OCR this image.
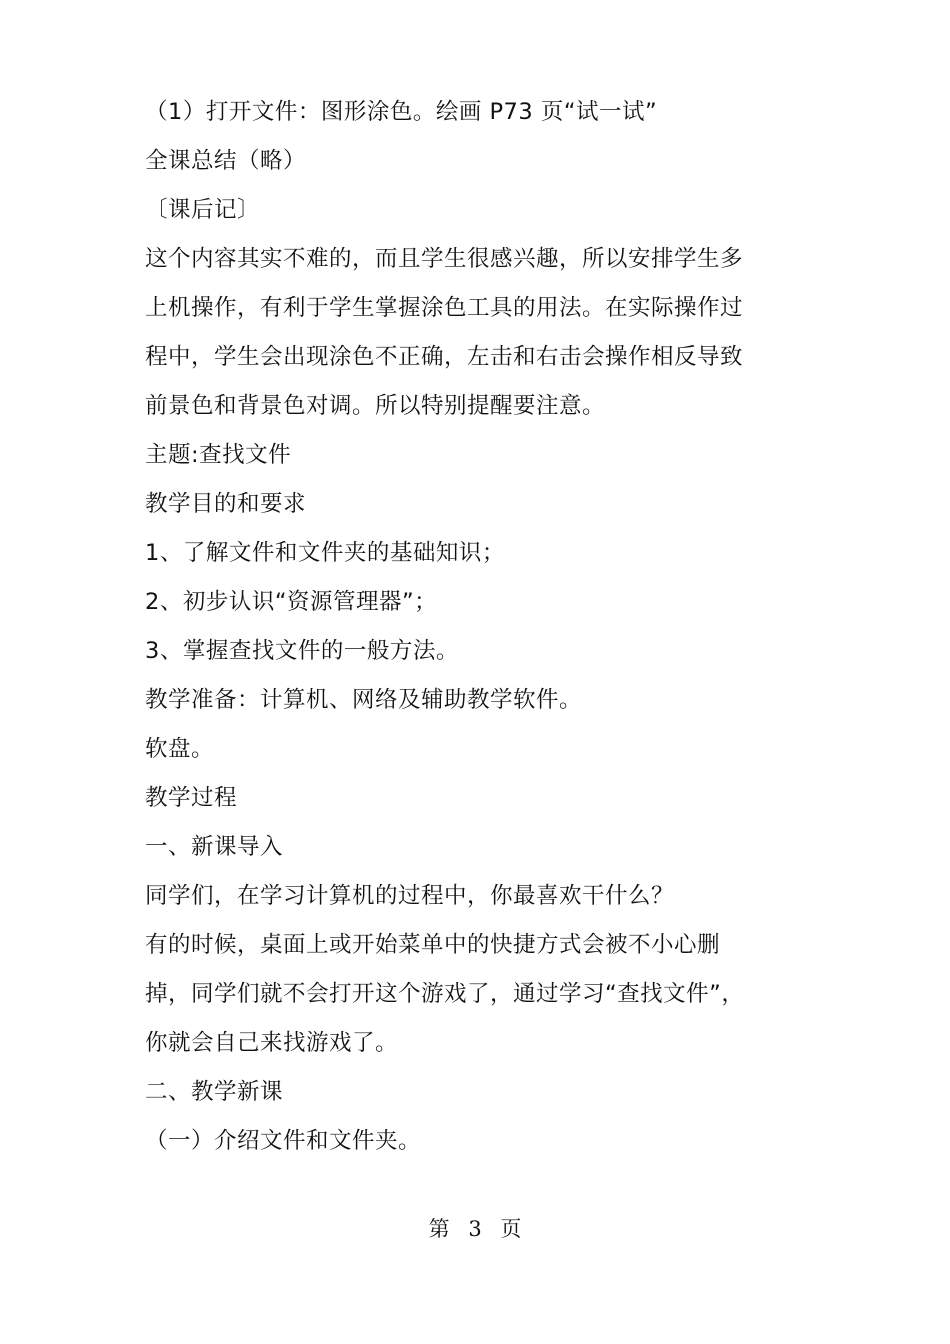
（1）打开文件：图形涂色。绘画 P73 页“试一试”
全课总结（略）
〔课后记〕
这个内容其实不难的，而且学生很感兴趣，所以安排学生多
上机操作，有利于学生掌握涂色工具的用法。在实际操作过
程中，学生会出现涂色不正确，左击和右击会操作相反导致
前景色和背景色对调。所以特别提醒要注意。
主题:查找文件
教学目的和要求
1、了解文件和文件夹的基础知识；
2、初步认识“资源管理器”；
3、掌握查找文件的一般方法。
教学准备：计算机、网络及辅助教学软件。
软盘。
教学过程
一、新课导入
同学们，在学习计算机的过程中，你最喜欢干什么？
有的时候，桌面上或开始菜单中的快捷方式会被不小心删
掉，同学们就不会打开这个游戏了，通过学习“查找文件”，
你就会自己来找游戏了。
二、教学新课
（一）介绍文件和文件夹。
第 3 页
